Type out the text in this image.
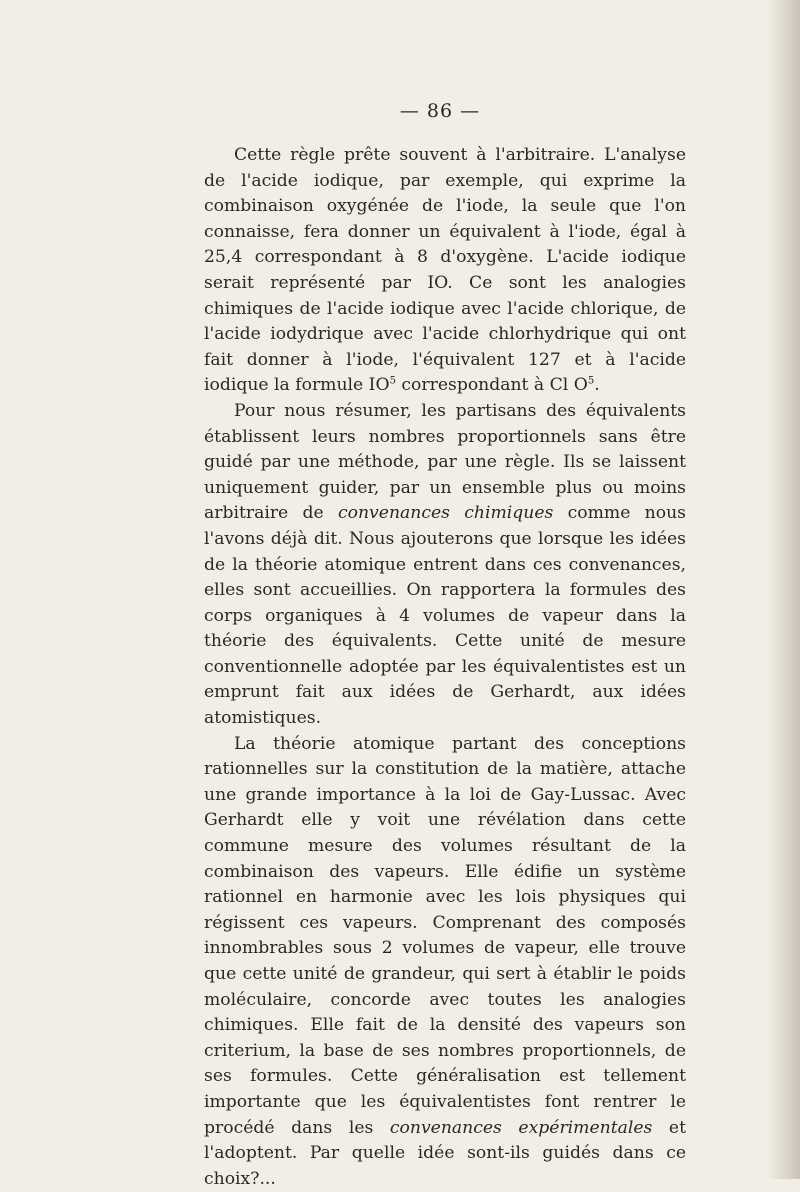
— 86 —

Cette règle prête souvent à l'arbitraire. L'analyse de l'acide iodique, par exemple, qui exprime la combinaison oxygénée de l'iode, la seule que l'on connaisse, fera donner un équivalent à l'iode, égal à 25,4 correspondant à 8 d'oxygène. L'acide iodique serait représenté par IO. Ce sont les analogies chimiques de l'acide iodique avec l'acide chlorique, de l'acide iodydrique avec l'acide chlorhydrique qui ont fait donner à l'iode, l'équivalent 127 et à l'acide iodique la formule $IO^5$ correspondant à Cl $O^5$.

Pour nous résumer, les partisans des équivalents établissent leurs nombres proportionnels sans être guidé par une méthode, par une règle. Ils se laissent uniquement guider, par un ensemble plus ou moins arbitraire de convenances chimiques comme nous l'avons déjà dit. Nous ajouterons que lorsque les idées de la théorie atomique entrent dans ces convenances, elles sont accueillies. On rapportera la formules des corps organiques à 4 volumes de vapeur dans la théorie des équivalents. Cette unité de mesure conventionnelle adoptée par les équivalentistes est un emprunt fait aux idées de Gerhardt, aux idées atomistiques.

La théorie atomique partant des conceptions rationnelles sur la constitution de la matière, attache une grande importance à la loi de Gay-Lussac. Avec Gerhardt elle y voit une révélation dans cette commune mesure des volumes résultant de la combinaison des vapeurs. Elle édifie un système rationnel en harmonie avec les lois physiques qui régissent ces vapeurs. Comprenant des composés innombrables sous 2 volumes de vapeur, elle trouve que cette unité de grandeur, qui sert à établir le poids moléculaire, concorde avec toutes les analogies chimiques. Elle fait de la densité des vapeurs son criterium, la base de ses nombres proportionnels, de ses formules. Cette généralisation est tellement importante que les équivalentistes font rentrer le procédé dans les convenances expérimentales et l'adoptent. Par quelle idée sont-ils guidés dans ce choix?...
